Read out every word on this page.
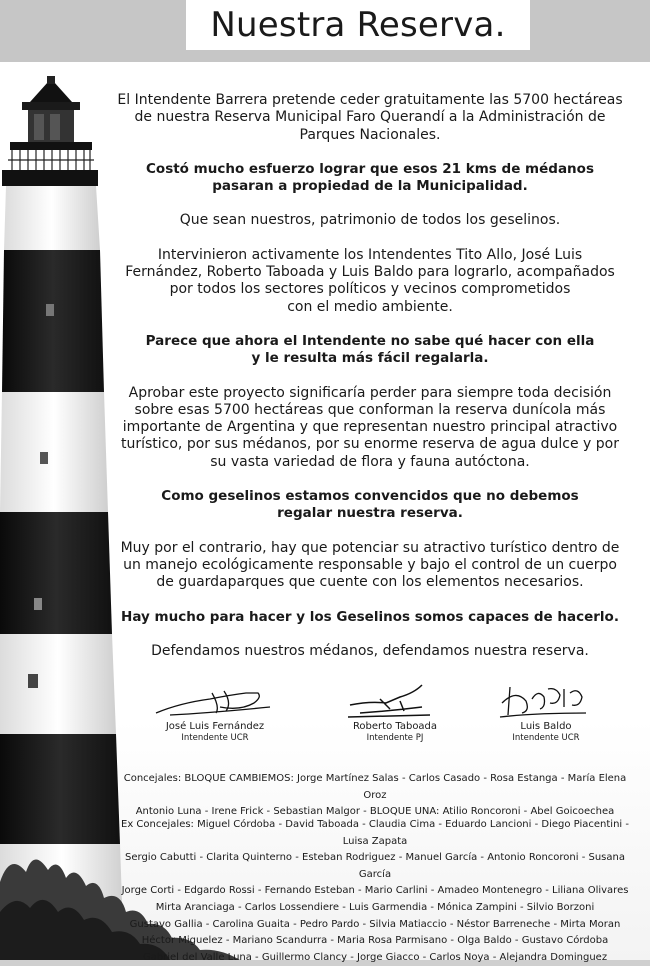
Nuestra Reserva.

El Intendente Barrera pretende ceder gratuitamente las 5700 hectáreas
de nuestra Reserva Municipal Faro Querandí a la Administración de
Parques Nacionales.

Costó mucho esfuerzo lograr que esos 21 kms de médanos
pasaran a propiedad de la Municipalidad.

Que sean nuestros, patrimonio de todos los geselinos.

Intervinieron activamente los Intendentes Tito Allo, José Luis
Fernández, Roberto Taboada y Luis Baldo para lograrlo, acompañados
por todos los sectores políticos y vecinos comprometidos
con el medio ambiente.

Parece que ahora el Intendente no sabe qué hacer con ella
y le resulta más fácil regalarla.

Aprobar este proyecto significaría perder para siempre toda decisión
sobre esas 5700 hectáreas que conforman la reserva dunícola más
importante de Argentina y que representan nuestro principal atractivo
turístico, por sus médanos, por su enorme reserva de agua dulce y por
su vasta variedad de flora y fauna autóctona.

Como geselinos estamos convencidos que no debemos
regalar nuestra reserva.

Muy por el contrario, hay que potenciar su atractivo turístico dentro de
un manejo ecológicamente responsable y bajo el control de un cuerpo
de guardaparques que cuente con los elementos necesarios.

Hay mucho para hacer y los Geselinos somos capaces de hacerlo.

Defendamos nuestros médanos, defendamos nuestra reserva.

José Luis Fernández
Intendente UCR
Roberto Taboada
Intendente PJ
Luis Baldo
Intendente UCR

Concejales: BLOQUE CAMBIEMOS: Jorge Martínez Salas - Carlos Casado - Rosa Estanga - María Elena Oroz

Antonio Luna - Irene Frick - Sebastian Malgor - BLOQUE UNA: Atilio Roncoroni - Abel Goicoechea

Ex Concejales: Miguel Córdoba - David Taboada - Claudia Cima - Eduardo Lancioni - Diego Piacentini - Luisa Zapata

Sergio Cabutti - Clarita Quinterno - Esteban Rodriguez - Manuel García - Antonio Roncoroni - Susana García

Jorge Corti - Edgardo Rossi - Fernando Esteban - Mario Carlini - Amadeo Montenegro - Liliana Olivares

Mirta Aranciaga - Carlos Lossendiere - Luis Garmendia - Mónica Zampini - Silvio Borzoni

Gustavo Gallia - Carolina Guaita - Pedro Pardo - Silvia Matiaccio - Néstor Barreneche - Mirta Moran

Héctor Miguelez - Mariano Scandurra - Maria Rosa Parmisano - Olga Baldo - Gustavo Córdoba

Gabriel del Valle Luna - Guillermo Clancy - Jorge Giacco - Carlos Noya - Alejandra Dominguez
